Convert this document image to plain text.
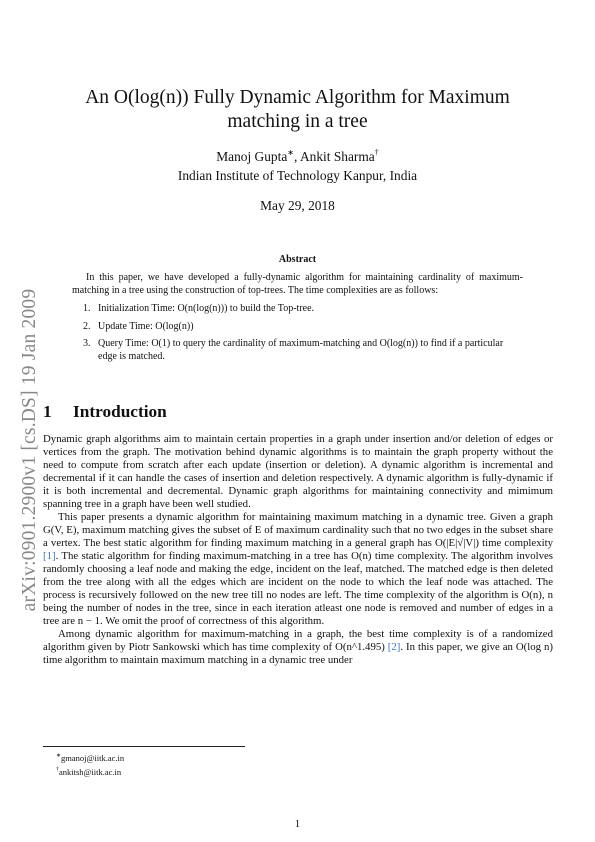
arXiv:0901.2900v1 [cs.DS] 19 Jan 2009
An O(log(n)) Fully Dynamic Algorithm for Maximum
matching in a tree
Manoj Gupta∗, Ankit Sharma†
Indian Institute of Technology Kanpur, India
May 29, 2018
Abstract

In this paper, we have developed a fully-dynamic algorithm for maintaining cardinality of maximum-matching in a tree using the construction of top-trees. The time complexities are as follows:

1. Initialization Time: O(n(log(n))) to build the Top-tree.
2. Update Time: O(log(n))
3. Query Time: O(1) to query the cardinality of maximum-matching and O(log(n)) to find if a particular edge is matched.
1 Introduction

Dynamic graph algorithms aim to maintain certain properties in a graph under insertion and/or deletion of edges or vertices from the graph. The motivation behind dynamic algorithms is to maintain the graph property without the need to compute from scratch after each update (insertion or deletion). A dynamic algorithm is incremental and decremental if it can handle the cases of insertion and deletion respectively. A dynamic algorithm is fully-dynamic if it is both incremental and decremental. Dynamic graph algorithms for maintaining connectivity and mimimum spanning tree in a graph have been well studied.

This paper presents a dynamic algorithm for maintaining maximum matching in a dynamic tree. Given a graph G(V, E), maximum matching gives the subset of E of maximum cardinality such that no two edges in the subset share a vertex. The best static algorithm for finding maximum matching in a general graph has O(|E|√|V|) time complexity [1]. The static algorithm for finding maximum-matching in a tree has O(n) time complexity. The algorithm involves randomly choosing a leaf node and making the edge, incident on the leaf, matched. The matched edge is then deleted from the tree along with all the edges which are incident on the node to which the leaf node was attached. The process is recursively followed on the new tree till no nodes are left. The time complexity of the algorithm is O(n), n being the number of nodes in the tree, since in each iteration atleast one node is removed and number of edges in a tree are n − 1. We omit the proof of correctness of this algorithm.

Among dynamic algorithm for maximum-matching in a graph, the best time complexity is of a randomized algorithm given by Piotr Sankowski which has time complexity of O(n^1.495) [2]. In this paper, we give an O(log n) time algorithm to maintain maximum matching in a dynamic tree under

∗gmanoj@iitk.ac.in
†ankitsh@iitk.ac.in
1
